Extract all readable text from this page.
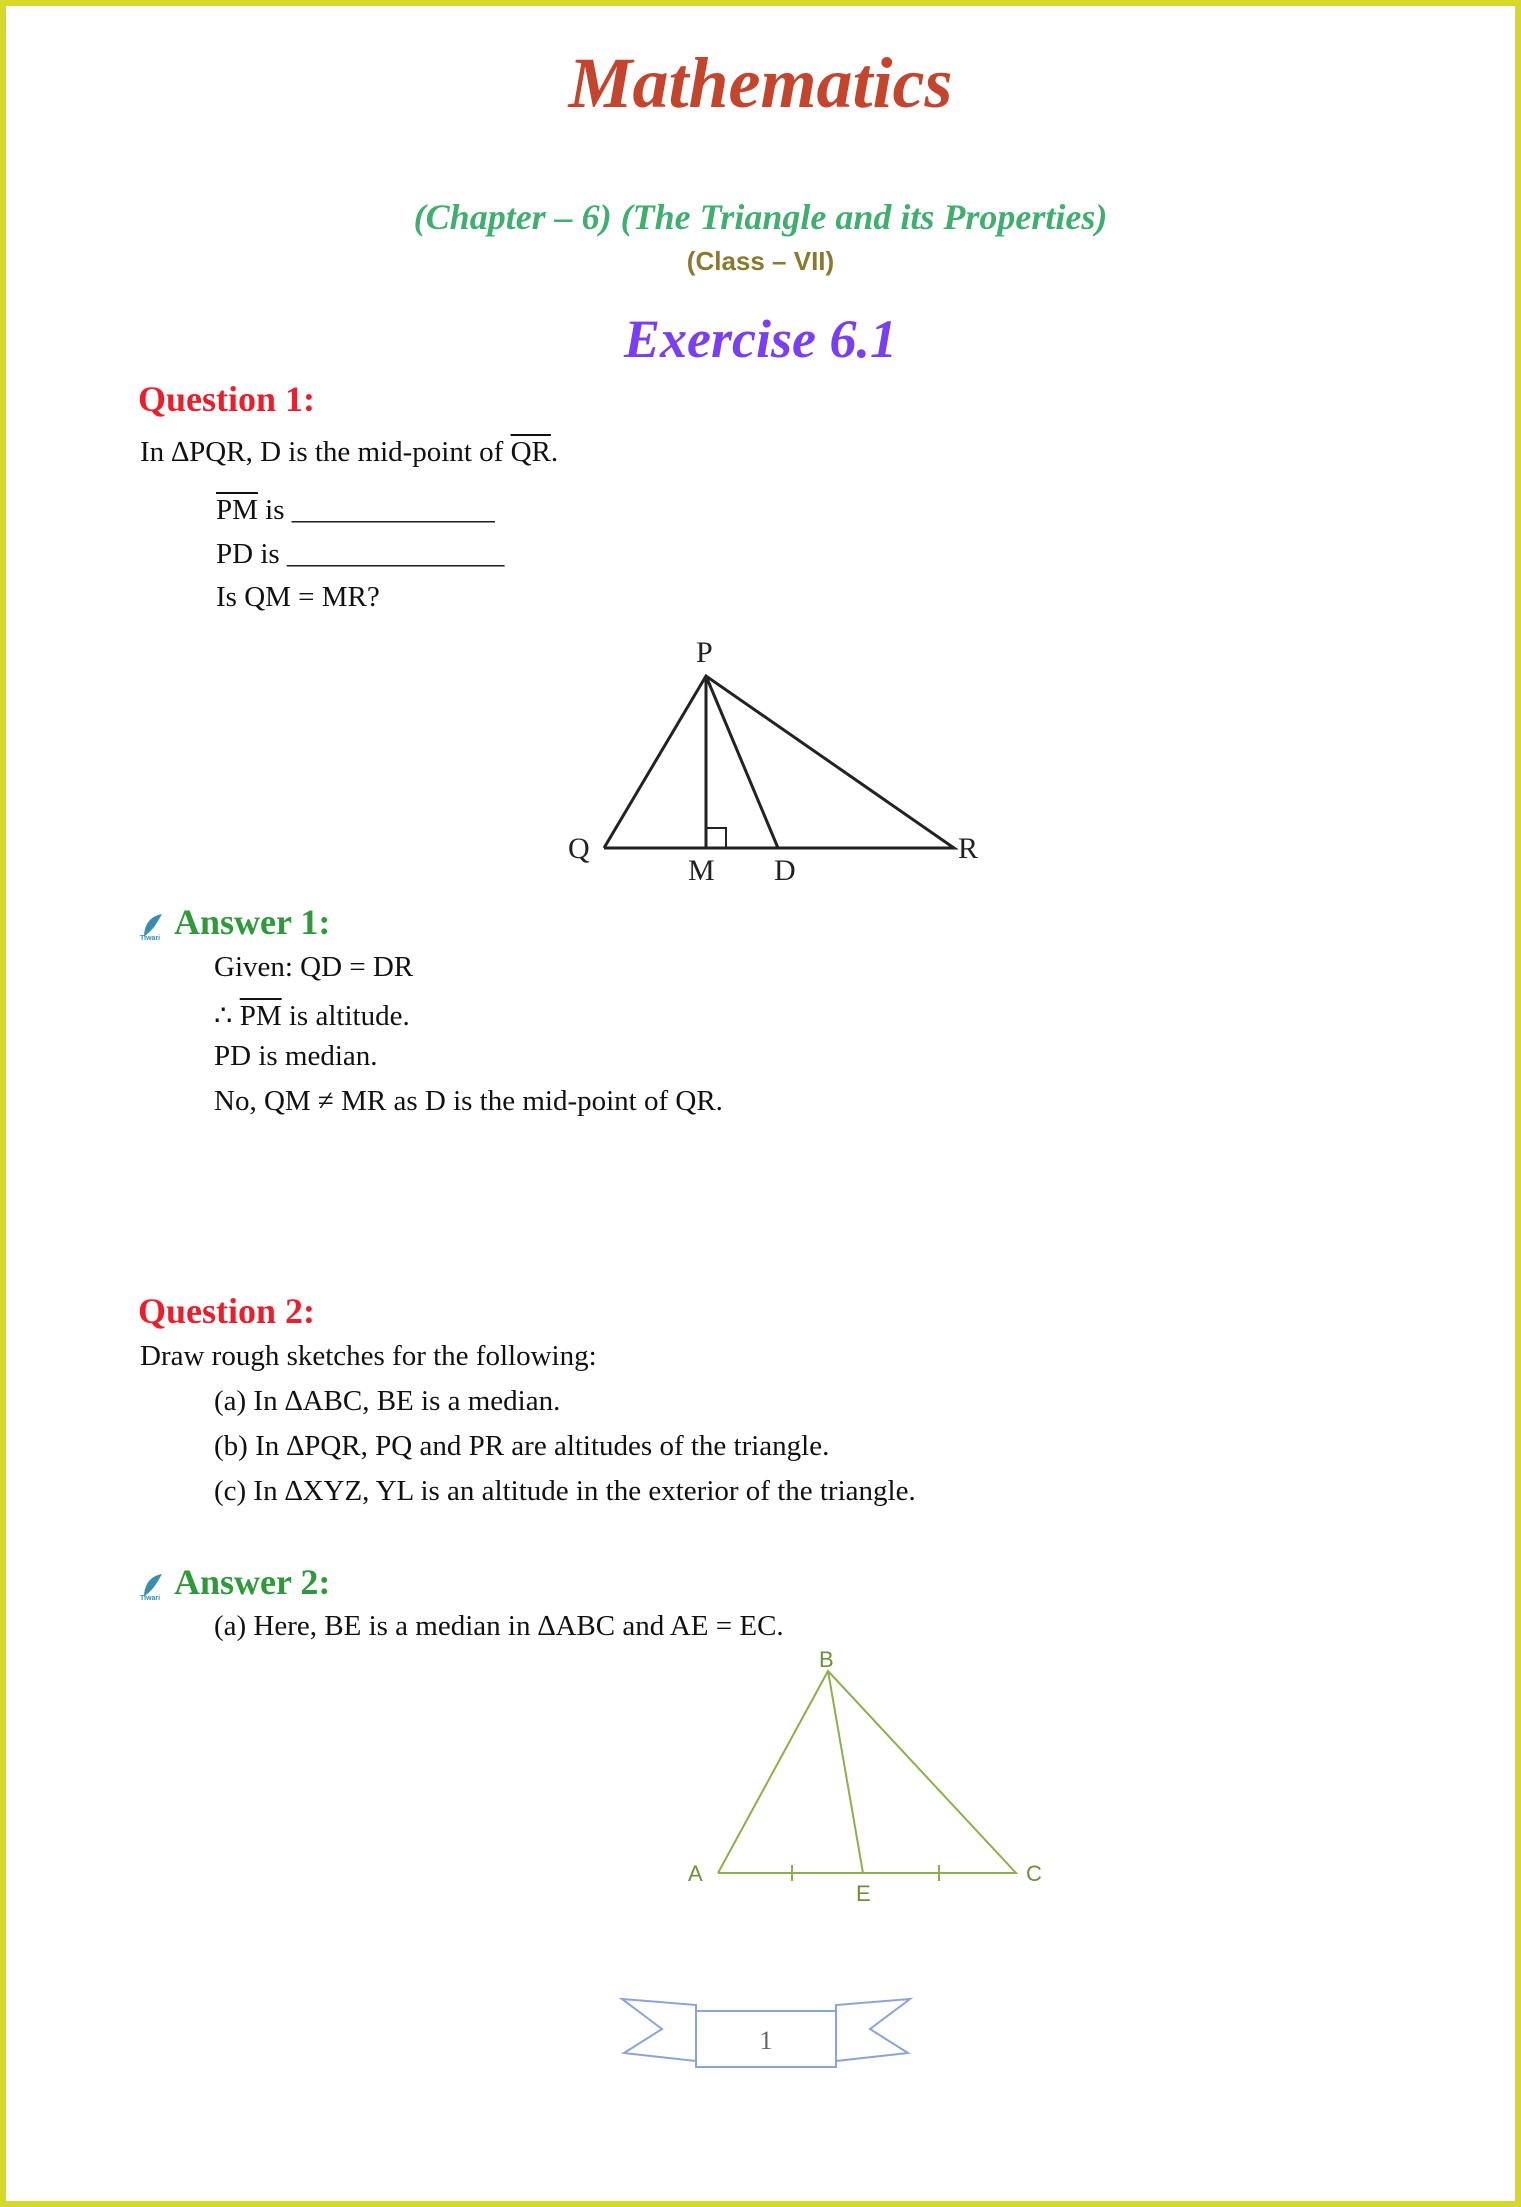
Mathematics
(Chapter – 6) (The Triangle and its Properties)
(Class – VII)
Exercise 6.1
Question 1:
In ∆PQR, D is the mid-point of $\overline{QR}$.
$\overline{PM}$ is ______________
PD is _______________
Is QM = MR?
P
Q	R
M D
Tiwari Answer 1:
Given: QD = DR
∴ $\overline{PM}$ is altitude.
PD is median.
No, QM ≠ MR as D is the mid-point of QR.
Question 2:
Draw rough sketches for the following:
(a) In ∆ABC, BE is a median.
(b) In ∆PQR, PQ and PR are altitudes of the triangle.
(c) In ∆XYZ, YL is an altitude in the exterior of the triangle.
Tiwari Answer 2:
(a) Here, BE is a median in ∆ABC and AE = EC.
B
A	C
E
1
